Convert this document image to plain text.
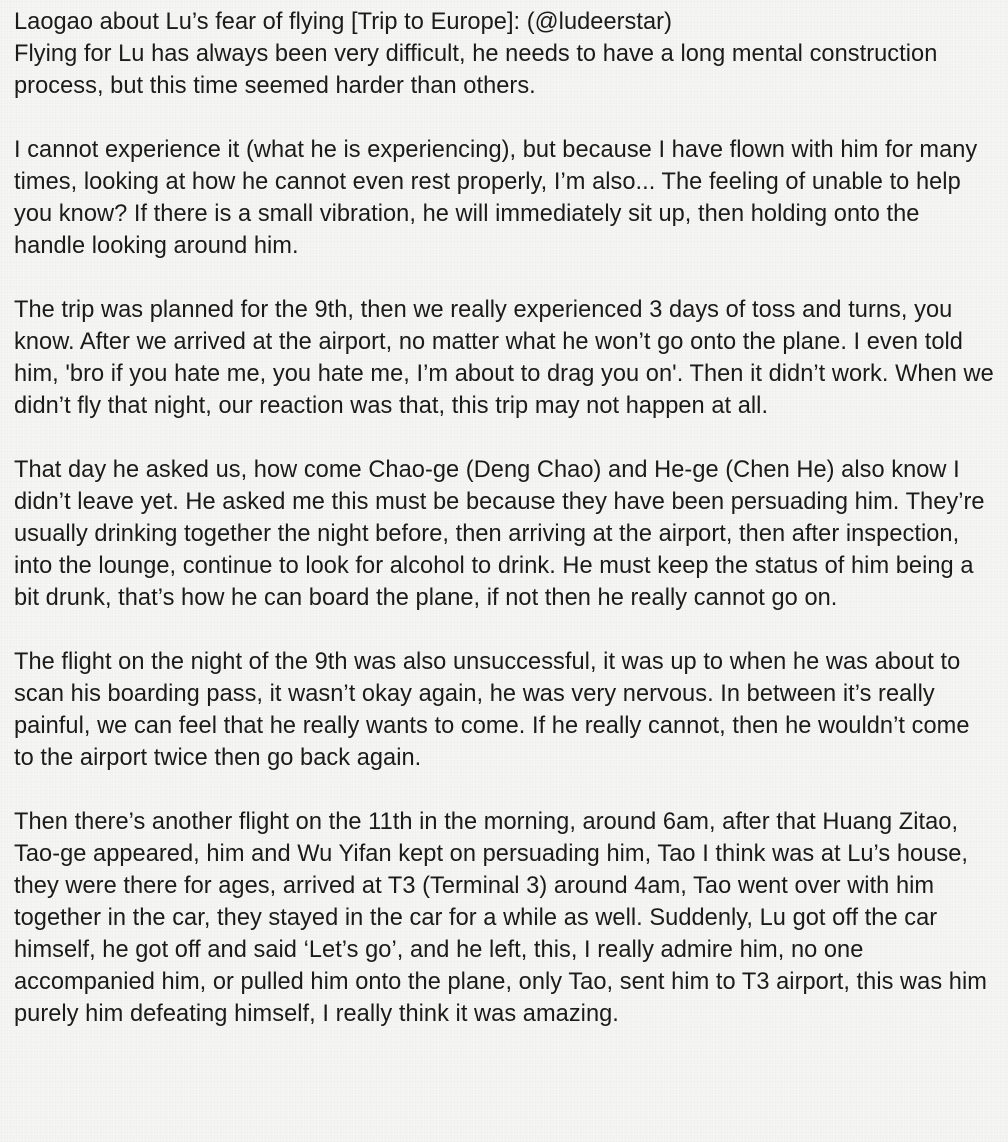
Laogao about Lu’s fear of flying [Trip to Europe]: (@ludeerstar)

Flying for Lu has always been very difficult, he needs to have a long mental construction process, but this time seemed harder than others.

I cannot experience it (what he is experiencing), but because I have flown with him for many times, looking at how he cannot even rest properly, I’m also... The feeling of unable to help you know? If there is a small vibration, he will immediately sit up, then holding onto the handle looking around him.

The trip was planned for the 9th, then we really experienced 3 days of toss and turns, you know. After we arrived at the airport, no matter what he won’t go onto the plane. I even told him, 'bro if you hate me, you hate me, I’m about to drag you on'. Then it didn’t work. When we didn’t fly that night, our reaction was that, this trip may not happen at all.

That day he asked us, how come Chao-ge (Deng Chao) and He-ge (Chen He) also know I didn’t leave yet. He asked me this must be because they have been persuading him. They’re usually drinking together the night before, then arriving at the airport, then after inspection, into the lounge, continue to look for alcohol to drink. He must keep the status of him being a bit drunk, that’s how he can board the plane, if not then he really cannot go on.

The flight on the night of the 9th was also unsuccessful, it was up to when he was about to scan his boarding pass, it wasn’t okay again, he was very nervous. In between it’s really painful, we can feel that he really wants to come. If he really cannot, then he wouldn’t come to the airport twice then go back again.

Then there’s another flight on the 11th in the morning, around 6am, after that Huang Zitao, Tao-ge appeared, him and Wu Yifan kept on persuading him, Tao I think was at Lu’s house, they were there for ages, arrived at T3 (Terminal 3) around 4am, Tao went over with him together in the car, they stayed in the car for a while as well. Suddenly, Lu got off the car himself, he got off and said ‘Let’s go’, and he left, this, I really admire him, no one accompanied him, or pulled him onto the plane, only Tao, sent him to T3 airport, this was him purely him defeating himself, I really think it was amazing.
